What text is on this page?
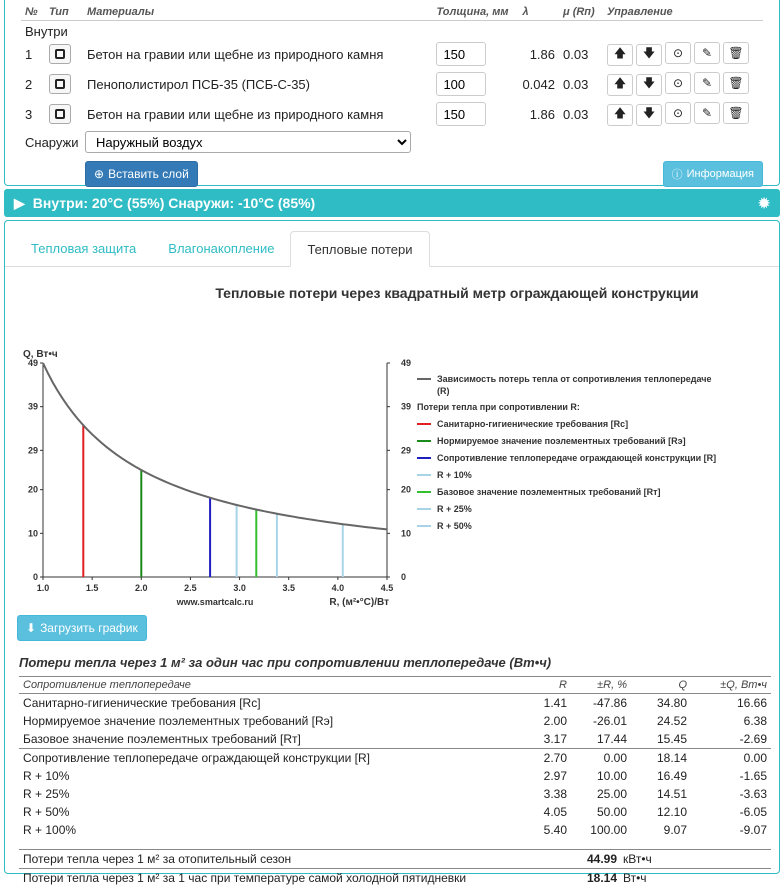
№	Тип	Материалы	Толщина, мм	λ	μ (Rп)	Управление
Внутри						
1		Бетон на гравии или щебне из природного камня	150	1.86	0.03	🡅 🡇 ⊙ ✎ 🗑

2		Пенополистирол ПСБ-35 (ПСБ-С-35)	100	0.042	0.03	🡅 🡇 ⊙ ✎ 🗑

3		Бетон на гравии или щебне из природного камня	150	1.86	0.03	🡅 🡇 ⊙ ✎ 🗑
Снаружи
Наружный воздух
⊕ Вставить слой	ⓘ Информация
▶ Внутри: 20°C (55%) Снаружи: -10°C (85%)	✹
Тепловая защита	Влагонакопление	Тепловые потери
Тепловые потери через квадратный метр ограждающей конструкции
0	0
10	10
20	20
29	29
39	39
49	49
1.0	1.5	2.0	2.5	3.0	3.5	4.0	4.5
Q, Вт•ч
R, (м²•°С)/Вт
www.smartcalc.ru
Зависимость потерь тепла от сопротивления теплопередаче (R)
Потери тепла при сопротивлении R:
Санитарно-гигиенические требования [Rc]
Нормируемое значение поэлементных требований [Rэ]
Сопротивление теплопередаче ограждающей конструкции [R]
R + 10%
Базовое значение поэлементных требований [Rт]
R + 25%
R + 50%
⬇ Загрузить график
Потери тепла через 1 м² за один час при сопротивлении теплопередаче (Вт•ч)
Сопротивление теплопередаче	R	±R, %	Q	±Q, Вт•ч
Санитарно-гигиенические требования [Rc]	1.41	-47.86	34.80	16.66
Нормируемое значение поэлементных требований [Rэ]	2.00	-26.01	24.52	6.38
Базовое значение поэлементных требований [Rт]	3.17	17.44	15.45	-2.69
Сопротивление теплопередаче ограждающей конструкции [R]	2.70	0.00	18.14	0.00
R + 10%	2.97	10.00	16.49	-1.65
R + 25%	3.38	25.00	14.51	-3.63
R + 50%	4.05	50.00	12.10	-6.05
R + 100%	5.40	100.00	9.07	-9.07
Потери тепла через 1 м² за отопительный сезон	44.99 кВт•ч
Потери тепла через 1 м² за 1 час при температуре самой холодной пятидневки	18.14 Вт•ч
